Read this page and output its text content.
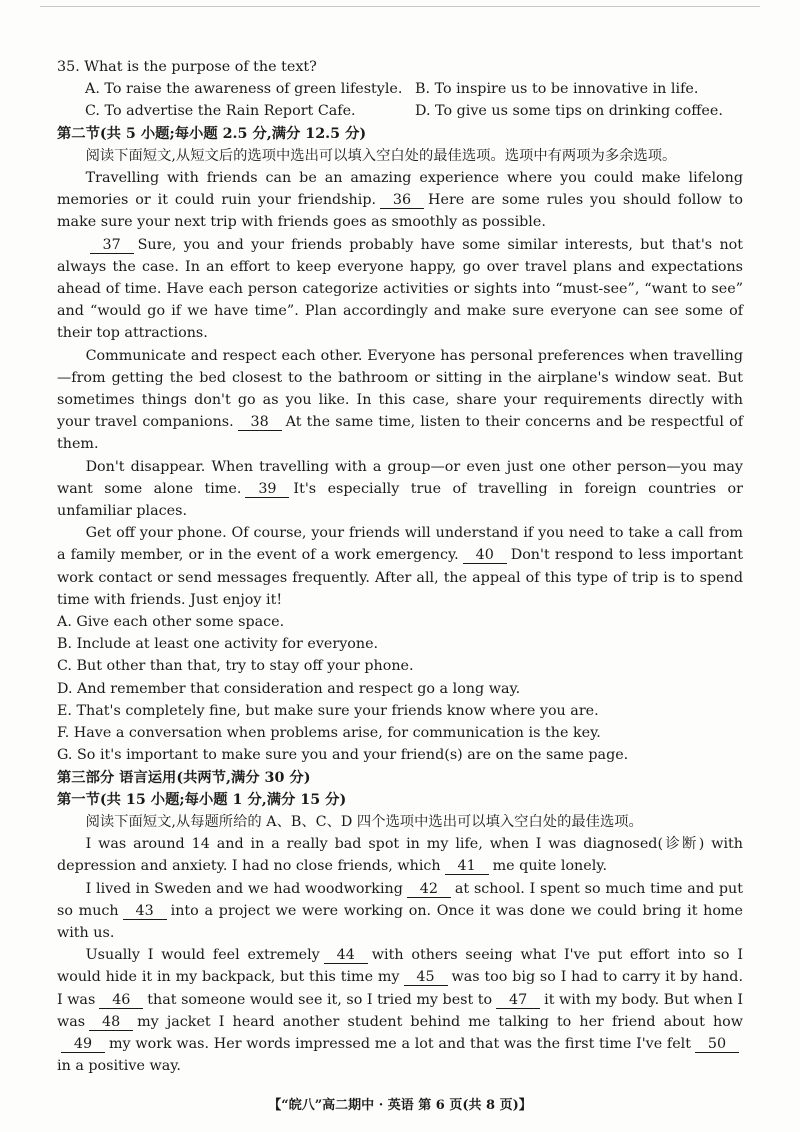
35. What is the purpose of the text?
A. To raise the awareness of green lifestyle. B. To inspire us to be innovative in life.
C. To advertise the Rain Report Cafe.	D. To give us some tips on drinking coffee.
第二节(共 5 小题;每小题 2.5 分,满分 12.5 分)

阅读下面短文,从短文后的选项中选出可以填入空白处的最佳选项。选项中有两项为多余选项。

Travelling with friends can be an amazing experience where you could make lifelong memories or it could ruin your friendship. 36 Here are some rules you should follow to make sure your next trip with friends goes as smoothly as possible.

37 Sure, you and your friends probably have some similar interests, but that's not always the case. In an effort to keep everyone happy, go over travel plans and expectations ahead of time. Have each person categorize activities or sights into “must-see”, “want to see” and “would go if we have time”. Plan accordingly and make sure everyone can see some of their top attractions.

Communicate and respect each other. Everyone has personal preferences when travelling—from getting the bed closest to the bathroom or sitting in the airplane's window seat. But sometimes things don't go as you like. In this case, share your requirements directly with your travel companions. 38 At the same time, listen to their concerns and be respectful of them.

Don't disappear. When travelling with a group—or even just one other person—you may want some alone time. 39 It's especially true of travelling in foreign countries or unfamiliar places.

Get off your phone. Of course, your friends will understand if you need to take a call from a family member, or in the event of a work emergency. 40 Don't respond to less important work contact or send messages frequently. After all, the appeal of this type of trip is to spend time with friends. Just enjoy it!

A. Give each other some space.

B. Include at least one activity for everyone.

C. But other than that, try to stay off your phone.

D. And remember that consideration and respect go a long way.

E. That's completely fine, but make sure your friends know where you are.

F. Have a conversation when problems arise, for communication is the key.

G. So it's important to make sure you and your friend(s) are on the same page.

第三部分 语言运用(共两节,满分 30 分)
第一节(共 15 小题;每小题 1 分,满分 15 分)

阅读下面短文,从每题所给的 A、B、C、D 四个选项中选出可以填入空白处的最佳选项。

I was around 14 and in a really bad spot in my life, when I was diagnosed(诊断) with depression and anxiety. I had no close friends, which 41 me quite lonely.

I lived in Sweden and we had woodworking 42 at school. I spent so much time and put so much 43 into a project we were working on. Once it was done we could bring it home with us.

Usually I would feel extremely 44 with others seeing what I've put effort into so I would hide it in my backpack, but this time my 45 was too big so I had to carry it by hand. I was 46 that someone would see it, so I tried my best to 47 it with my body. But when I was 48 my jacket I heard another student behind me talking to her friend about how49 my work was. Her words impressed me a lot and that was the first time I've felt 50in a positive way.

【“皖八”高二期中 · 英语 第 6 页(共 8 页)】
